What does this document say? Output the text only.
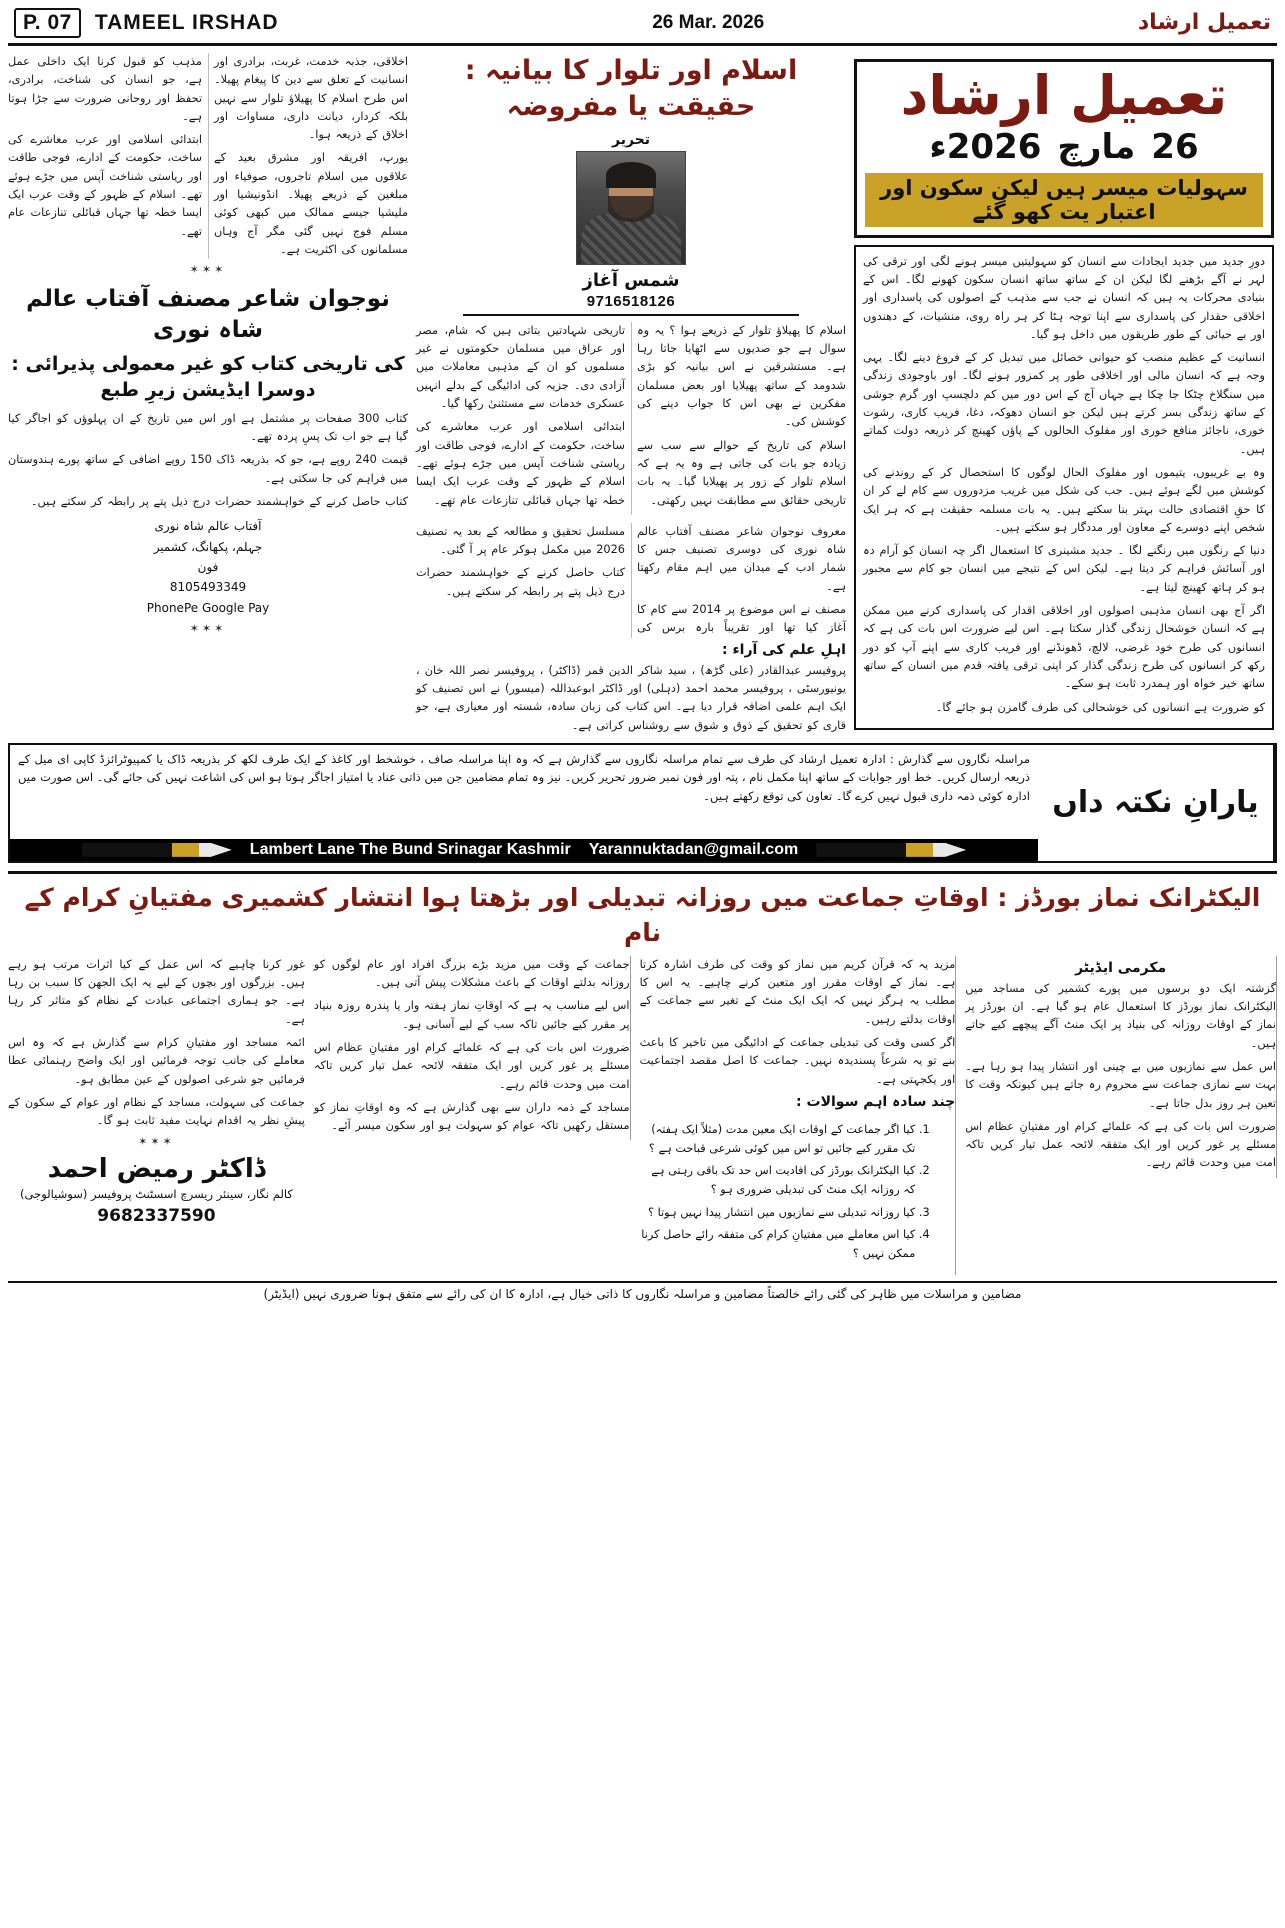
P. 07	TAMEEL IRSHAD	26 Mar. 2026	تعمیل ارشاد

اخلاقی، جذبہ خدمت، غربت، برادری اور انسانیت کے تعلق سے دین کا پیغام پھیلا۔ اس طرح اسلام کا پھیلاؤ تلوار سے نہیں بلکہ کردار، دیانت داری، مساوات اور اخلاق کے ذریعہ ہوا۔

یورپ، افریقہ اور مشرق بعید کے علاقوں میں اسلام تاجروں، صوفیاء اور مبلغین کے ذریعے پھیلا۔ انڈونیشیا اور ملیشیا جیسے ممالک میں کبھی کوئی مسلم فوج نہیں گئی مگر آج وہاں مسلمانوں کی اکثریت ہے۔

مذہب کو قبول کرنا ایک داخلی عمل ہے، جو انسان کی شناخت، برادری، تحفظ اور روحانی ضرورت سے جڑا ہوتا ہے۔

ابتدائی اسلامی اور عرب معاشرے کی ساخت، حکومت کے ادارے، فوجی طاقت اور ریاستی شناخت آپس میں جڑے ہوئے تھے۔ اسلام کے ظہور کے وقت عرب ایک ایسا خطہ تھا جہاں قبائلی تنازعات عام تھے۔

✶✶✶
نوجوان شاعر مصنف آفتاب عالم شاہ نوری
کی تاریخی کتاب کو غیر معمولی پذیرائی : دوسرا ایڈیشن زیرِ طبع

کتاب 300 صفحات پر مشتمل ہے اور اس میں تاریخ کے ان پہلوؤں کو اجاگر کیا گیا ہے جو اب تک پسِ پردہ تھے۔

قیمت 240 روپے ہے، جو کہ بذریعہ ڈاک 150 روپے اضافی کے ساتھ پورے ہندوستان میں فراہم کی جا سکتی ہے۔

کتاب حاصل کرنے کے خواہشمند حضرات درج ذیل پتے پر رابطہ کر سکتے ہیں۔

آفتاب عالم شاہ نوری
جہلم، پکھانگ، کشمیر
فون
8105493349
PhonePe Google Pay
✶✶✶
اسلام اور تلوار کا بیانیہ : حقیقت یا مفروضہ
تحریر
شمس آغاز
9716518126

اسلام کا پھیلاؤ تلوار کے ذریعے ہوا ؟ یہ وہ سوال ہے جو صدیوں سے اٹھایا جاتا رہا ہے۔ مستشرقین نے اس بیانیہ کو بڑی شدومد کے ساتھ پھیلایا اور بعض مسلمان مفکرین نے بھی اس کا جواب دینے کی کوشش کی۔

اسلام کی تاریخ کے حوالے سے سب سے زیادہ جو بات کی جاتی ہے وہ یہ ہے کہ اسلام تلوار کے زور پر پھیلایا گیا۔ یہ بات تاریخی حقائق سے مطابقت نہیں رکھتی۔

تاریخی شہادتیں بتاتی ہیں کہ شام، مصر اور عراق میں مسلمان حکومتوں نے غیر مسلموں کو ان کے مذہبی معاملات میں آزادی دی۔ جزیہ کی ادائیگی کے بدلے انہیں عسکری خدمات سے مستثنیٰ رکھا گیا۔

ابتدائی اسلامی اور عرب معاشرے کی ساخت، حکومت کے ادارے، فوجی طاقت اور ریاستی شناخت آپس میں جڑے ہوئے تھے۔ اسلام کے ظہور کے وقت عرب ایک ایسا خطہ تھا جہاں قبائلی تنازعات عام تھے۔

معروف نوجوان شاعر مصنف آفتاب عالم شاہ نوری کی دوسری تصنیف جس کا شمار ادب کے میدان میں اہم مقام رکھتا ہے۔

مصنف نے اس موضوع پر 2014 سے کام کا آغاز کیا تھا اور تقریباً بارہ برس کی مسلسل تحقیق و مطالعہ کے بعد یہ تصنیف 2026 میں مکمل ہوکر عام پر آ گئی۔

کتاب حاصل کرنے کے خواہشمند حضرات درج ذیل پتے پر رابطہ کر سکتے ہیں۔

اہلِ علم کی آراء :
پروفیسر عبدالقادر (علی گڑھ) ، سید شاکر الدین قمر (ڈاکٹر) ، پروفیسر نصر اللہ خان ، یونیورسٹی ، پروفیسر محمد احمد (دہلی) اور ڈاکٹر ابوعبداللہ (میسور) نے اس تصنیف کو ایک اہم علمی اضافہ قرار دیا ہے۔ اس کتاب کی زبان سادہ، شستہ اور معیاری ہے، جو قاری کو تحقیق کے ذوق و شوق سے روشناس کراتی ہے۔
تعمیل ارشاد
26
مارچ
2026ء
سہولیات میسر ہیں لیکن سکون اور اعتبار یت کھو گئے

دورِ جدید میں جدید ایجادات سے انسان کو سہولیتیں میسر ہونے لگی اور ترقی کی لہر نے آگے بڑھنے لگا لیکن ان کے ساتھ ساتھ انسان سکون کھونے لگا۔ اس کے بنیادی محرکات یہ ہیں کہ انسان نے جب سے مذہب کے اصولوں کی پاسداری اور اخلاقی حقدار کی پاسداری سے اپنا توجہ ہٹا کر ہر راہ روی، منشیات، کے دھندوں اور بے حیائی کے طور طریقوں میں داخل ہو گیا۔

انسانیت کے عظیم منصب کو حیوانی خصائل میں تبدیل کر کے فروغ دینے لگا۔ یہی وجہ ہے کہ انسان مالی اور اخلاقی طور پر کمزور ہونے لگا۔ اور باوجودی زندگی میں سنگلاخ چٹکا جا چکا ہے جہاں آج کے اس دور میں کم دلچسپ اور گرم جوشی کے ساتھ زندگی بسر کرتے ہیں لیکن جو انسان دھوکہ، دغا، فریب کاری، رشوت خوری، ناجائز منافع خوری اور مفلوک الحالوں کے پاؤں کھینچ کر ذریعہ دولت کماتے ہیں۔

وہ بے غریبوں، یتیموں اور مفلوک الحال لوگوں کا استحصال کر کے روندنے کی کوشش میں لگے ہوئے ہیں۔ جب کی شکل میں غریب مزدوروں سے کام لے کر ان کا حقِ اقتصادی حالت بہتر بنا سکتے ہیں۔ یہ بات مسلمہ حقیقت ہے کہ ہر ایک شخص اپنے دوسرے کے معاون اور مددگار ہو سکتے ہیں۔

دنیا کے رنگوں میں رنگنے لگا ۔ جدید مشینری کا استعمال اگر چہ انسان کو آرام دہ اور آسائش فراہم کر دیتا ہے۔ لیکن اس کے نتیجے میں انسان جو کام سے مجبور ہو کر ہاتھ کھینچ لیتا ہے۔

اگر آج بھی انسان مذہبی اصولوں اور اخلاقی اقدار کی پاسداری کرنے میں ممکن ہے کہ انسان خوشحال زندگی گذار سکتا ہے۔ اس لیے ضرورت اس بات کی ہے کہ انسانوں کی طرح خود غرضی، لالچ، ڈھونڈنے اور فریب کاری سے اپنے آپ کو دور رکھ کر انسانوں کی طرح زندگی گذار کر اپنی ترقی یافتہ قدم میں انسان کے ساتھ ساتھ خیر خواہ اور ہمدرد ثابت ہو سکے۔

کو ضرورت ہے انسانوں کی خوشحالی کی طرف گامزن ہو جائے گا۔

مراسلہ نگاروں سے گذارش : ادارہ تعمیل ارشاد کی طرف سے تمام مراسلہ نگاروں سے گذارش ہے کہ وہ اپنا مراسلہ صاف ، خوشخط اور کاغذ کے ایک طرف لکھ کر بذریعہ ڈاک یا کمپیوٹرائزڈ کاپی ای میل کے ذریعہ ارسال کریں۔ خط اور جوابات کے ساتھ اپنا مکمل نام ، پتہ اور فون نمبر ضرور تحریر کریں۔ نیز وہ تمام مضامین جن میں ذاتی عناد یا امتیاز اجاگر ہوتا ہو اس کی اشاعت نہیں کی جائے گی۔ اس صورت میں ادارہ کوئی ذمہ داری قبول نہیں کرے گا۔ تعاون کی توقع رکھتے ہیں۔
Lambert Lane The Bund Srinagar Kashmir Yarannuktadan@gmail.com
یارانِ نکتہ داں
الیکٹرانک نماز بورڈز : اوقاتِ جماعت میں روزانہ تبدیلی اور بڑھتا ہوا انتشار کشمیری مفتیانِ کرام کے نام

غور کرنا چاہیے کہ اس عمل کے کیا اثرات مرتب ہو رہے ہیں۔ بزرگوں اور بچوں کے لیے یہ ایک الجھن کا سبب بن رہا ہے۔ جو ہماری اجتماعی عبادت کے نظام کو متاثر کر رہا ہے۔

ائمہ مساجد اور مفتیانِ کرام سے گذارش ہے کہ وہ اس معاملے کی جانب توجہ فرمائیں اور ایک واضح رہنمائی عطا فرمائیں جو شرعی اصولوں کے عین مطابق ہو۔

جماعت کی سہولت، مساجد کے نظام اور عوام کے سکون کے پیشِ نظر یہ اقدام نہایت مفید ثابت ہو گا۔

✶✶✶
ڈاکٹر رمیض احمد
کالم نگار، سینئر ریسرچ اسسٹنٹ پروفیسر (سوشیالوجی)
9682337590

جماعت کے وقت میں مزید بڑے بزرگ افراد اور عام لوگوں کو روزانہ بدلتے اوقات کے باعث مشکلات پیش آتی ہیں۔

اس لیے مناسب یہ ہے کہ اوقاتِ نماز ہفتہ وار یا پندرہ روزہ بنیاد پر مقرر کیے جائیں تاکہ سب کے لیے آسانی ہو۔

ضرورت اس بات کی ہے کہ علمائے کرام اور مفتیانِ عظام اس مسئلے پر غور کریں اور ایک متفقہ لائحہ عمل تیار کریں تاکہ امت میں وحدت قائم رہے۔

مساجد کے ذمہ داران سے بھی گذارش ہے کہ وہ اوقاتِ نماز کو مستقل رکھیں تاکہ عوام کو سہولت ہو اور سکون میسر آئے۔

مزید یہ کہ قرآن کریم میں نماز کو وقت کی طرف اشارہ کرتا ہے۔ نماز کے اوقات مقرر اور متعین کرنے چاہیے۔ یہ اس کا مطلب یہ ہرگز نہیں کہ ایک ایک منٹ کے تغیر سے جماعت کے اوقات بدلتے رہیں۔

اگر کسی وقت کی تبدیلی جماعت کے ادائیگی میں تاخیر کا باعث بنے تو یہ شرعاً پسندیدہ نہیں۔ جماعت کا اصل مقصد اجتماعیت اور یکجہتی ہے۔

چند سادہ اہم سوالات :
1. کیا اگر جماعت کے اوقات ایک معین مدت (مثلاً ایک ہفتہ) تک مقرر کیے جائیں تو اس میں کوئی شرعی قباحت ہے ؟
2. کیا الیکٹرانک بورڈز کی افادیت اس حد تک باقی رہتی ہے کہ روزانہ ایک منٹ کی تبدیلی ضروری ہو ؟
3. کیا روزانہ تبدیلی سے نمازیوں میں انتشار پیدا نہیں ہوتا ؟
4. کیا اس معاملے میں مفتیانِ کرام کی متفقہ رائے حاصل کرنا ممکن نہیں ؟
مکرمی ایڈیٹر

گزشتہ ایک دو برسوں میں پورے کشمیر کی مساجد میں الیکٹرانک نماز بورڈز کا استعمال عام ہو گیا ہے۔ ان بورڈز پر نماز کے اوقات روزانہ کی بنیاد پر ایک منٹ آگے پیچھے کیے جاتے ہیں۔

اس عمل سے نمازیوں میں بے چینی اور انتشار پیدا ہو رہا ہے۔ بہت سے نمازی جماعت سے محروم رہ جاتے ہیں کیونکہ وقت کا تعین ہر روز بدل جاتا ہے۔

ضرورت اس بات کی ہے کہ علمائے کرام اور مفتیانِ عظام اس مسئلے پر غور کریں اور ایک متفقہ لائحہ عمل تیار کریں تاکہ امت میں وحدت قائم رہے۔

مضامین و مراسلات میں ظاہر کی گئی رائے خالصتاً مضامین و مراسلہ نگاروں کا ذاتی خیال ہے، ادارہ کا ان کی رائے سے متفق ہونا ضروری نہیں (ایڈیٹر)
